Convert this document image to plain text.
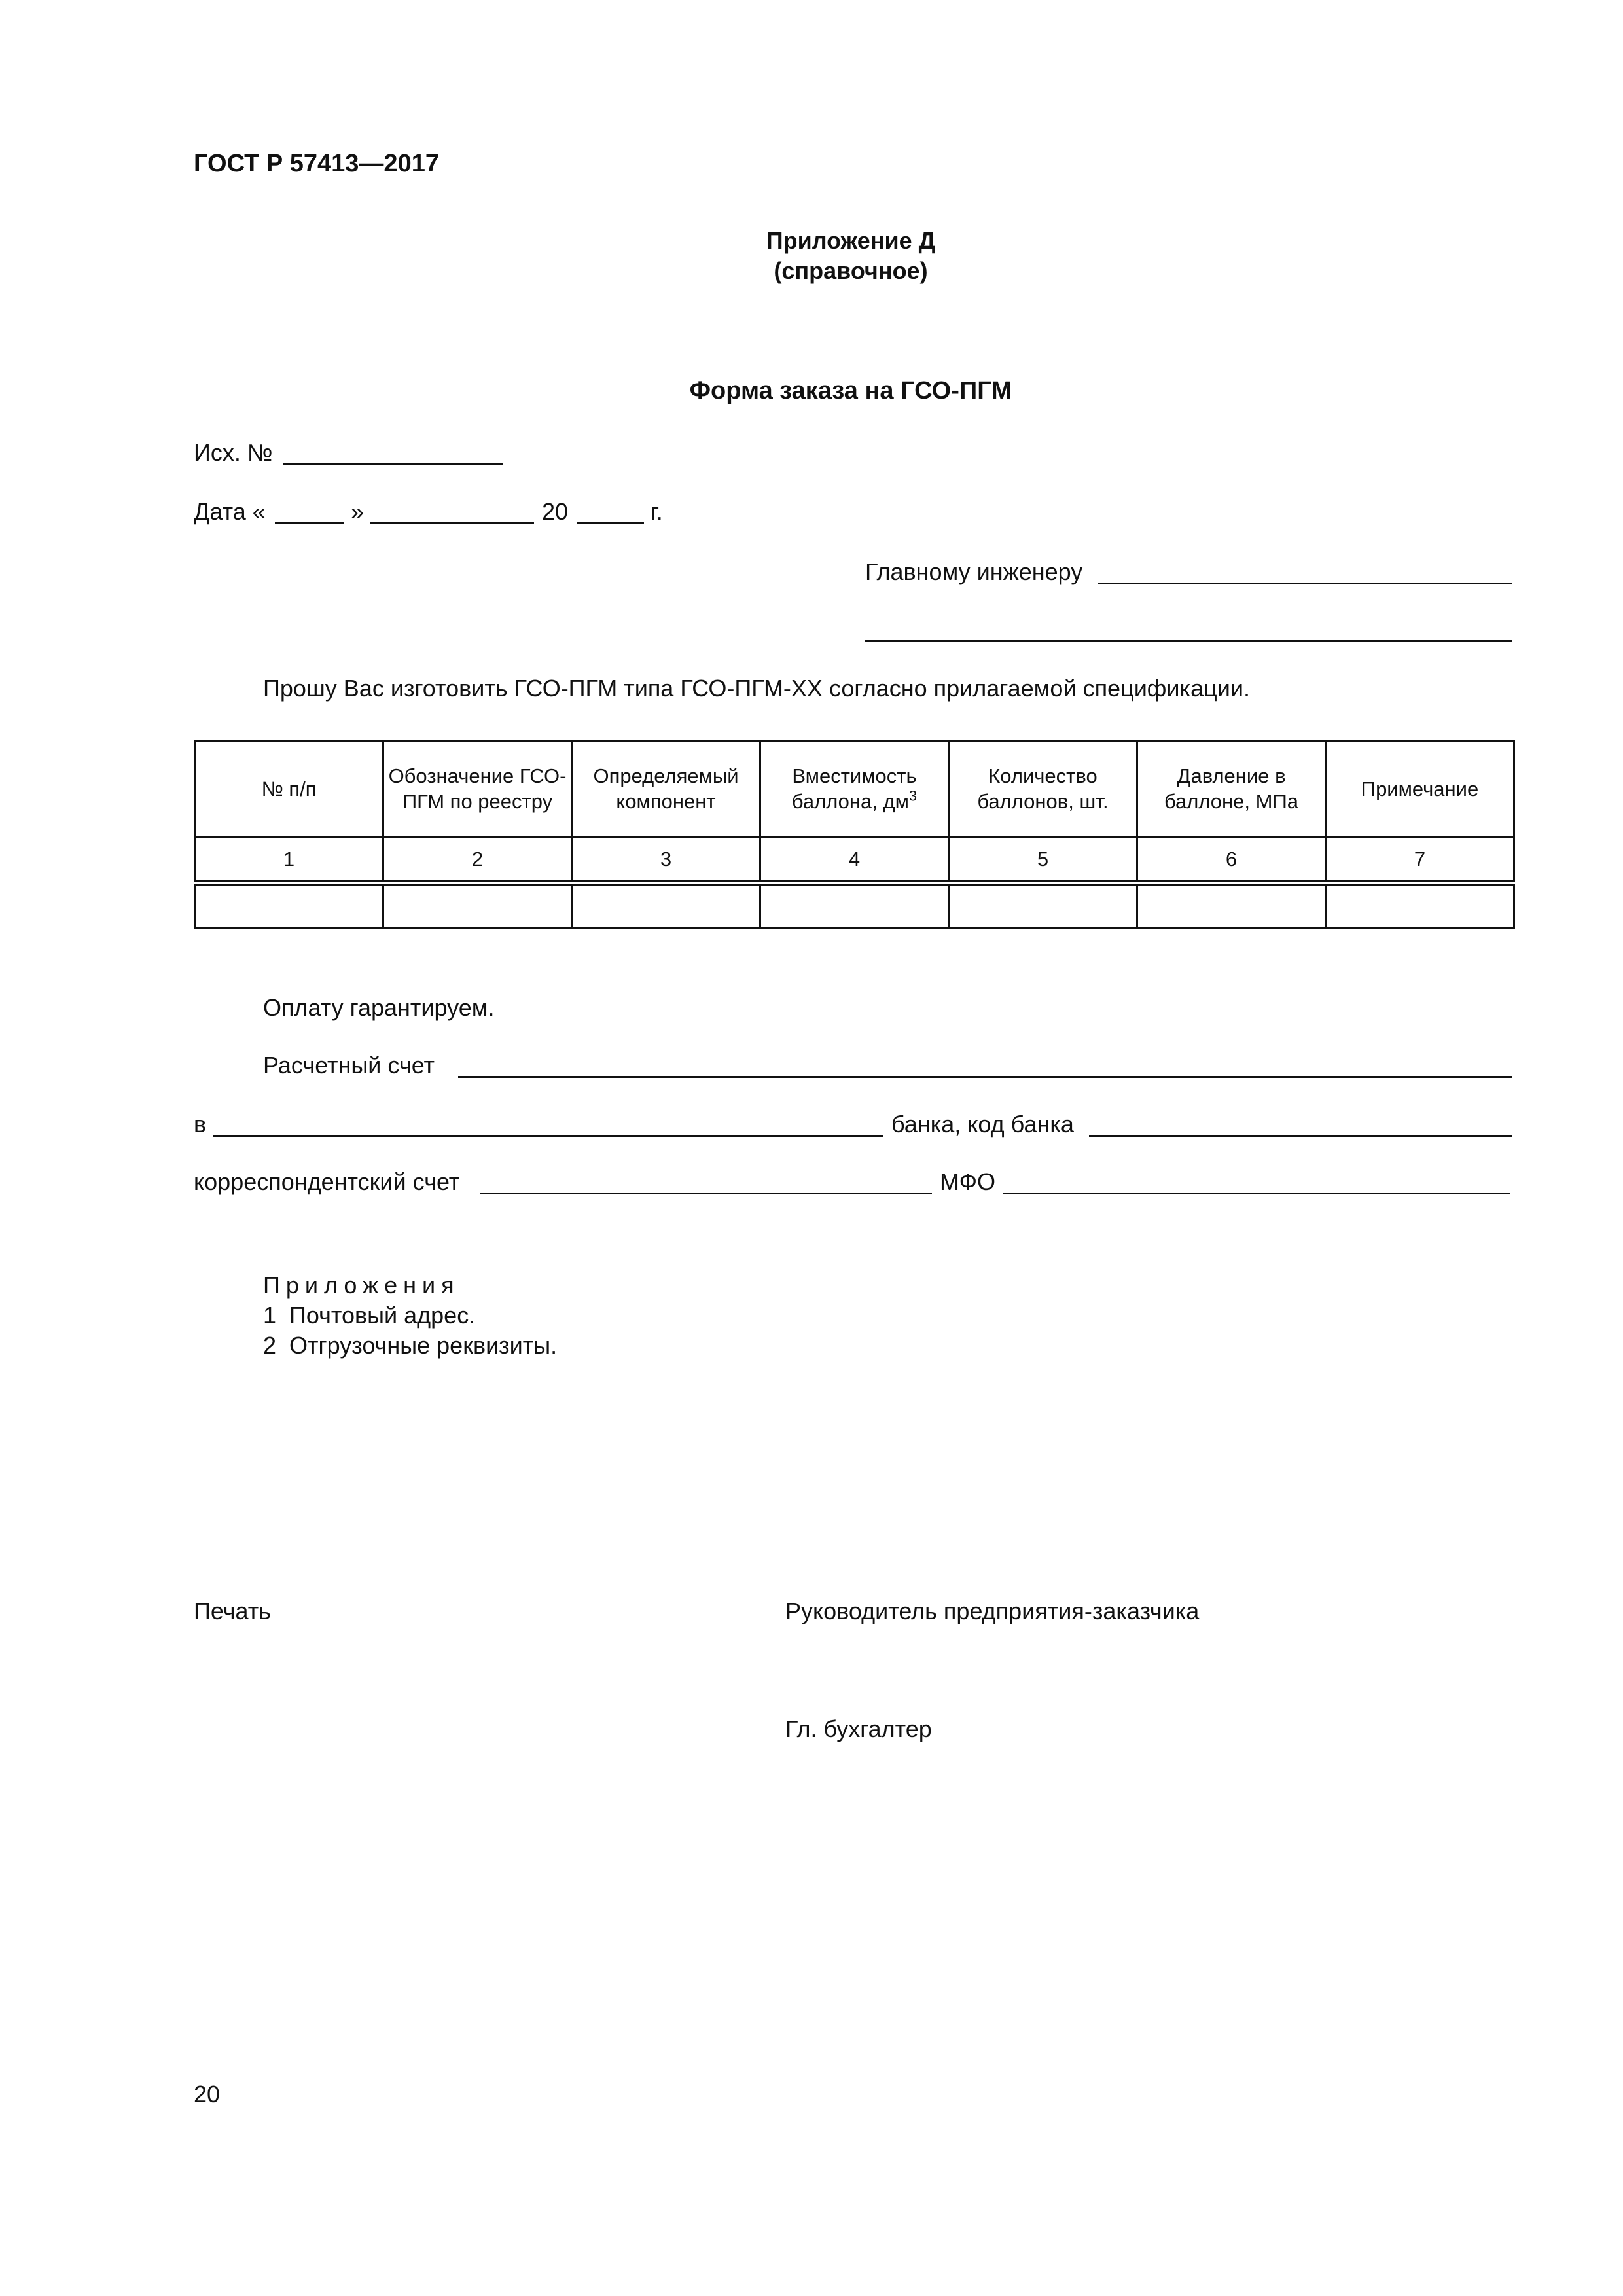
ГОСТ Р 57413—2017
Приложение Д
(справочное)
Форма заказа на ГСО-ПГМ
Исх. №
Дата «	»	20	г.
Главному инженеру
Прошу Вас изготовить ГСО-ПГМ типа ГСО-ПГМ-ХХ согласно прилагаемой спецификации.
№ п/п	Обозначение ГСО-ПГМ по реестру	Определяемый компонент	Вместимость баллона, $дм^3$	Количество баллонов, шт.	Давление в баллоне, МПа	Примечание
1	2	3	4	5	6	7

Оплату гарантируем.
Расчетный счет
в	банка, код банка
корреспондентский счет	МФО
Приложения
1 Почтовый адрес.
2 Отгрузочные реквизиты.
Печать	Руководитель предприятия-заказчика
Гл. бухгалтер
20
